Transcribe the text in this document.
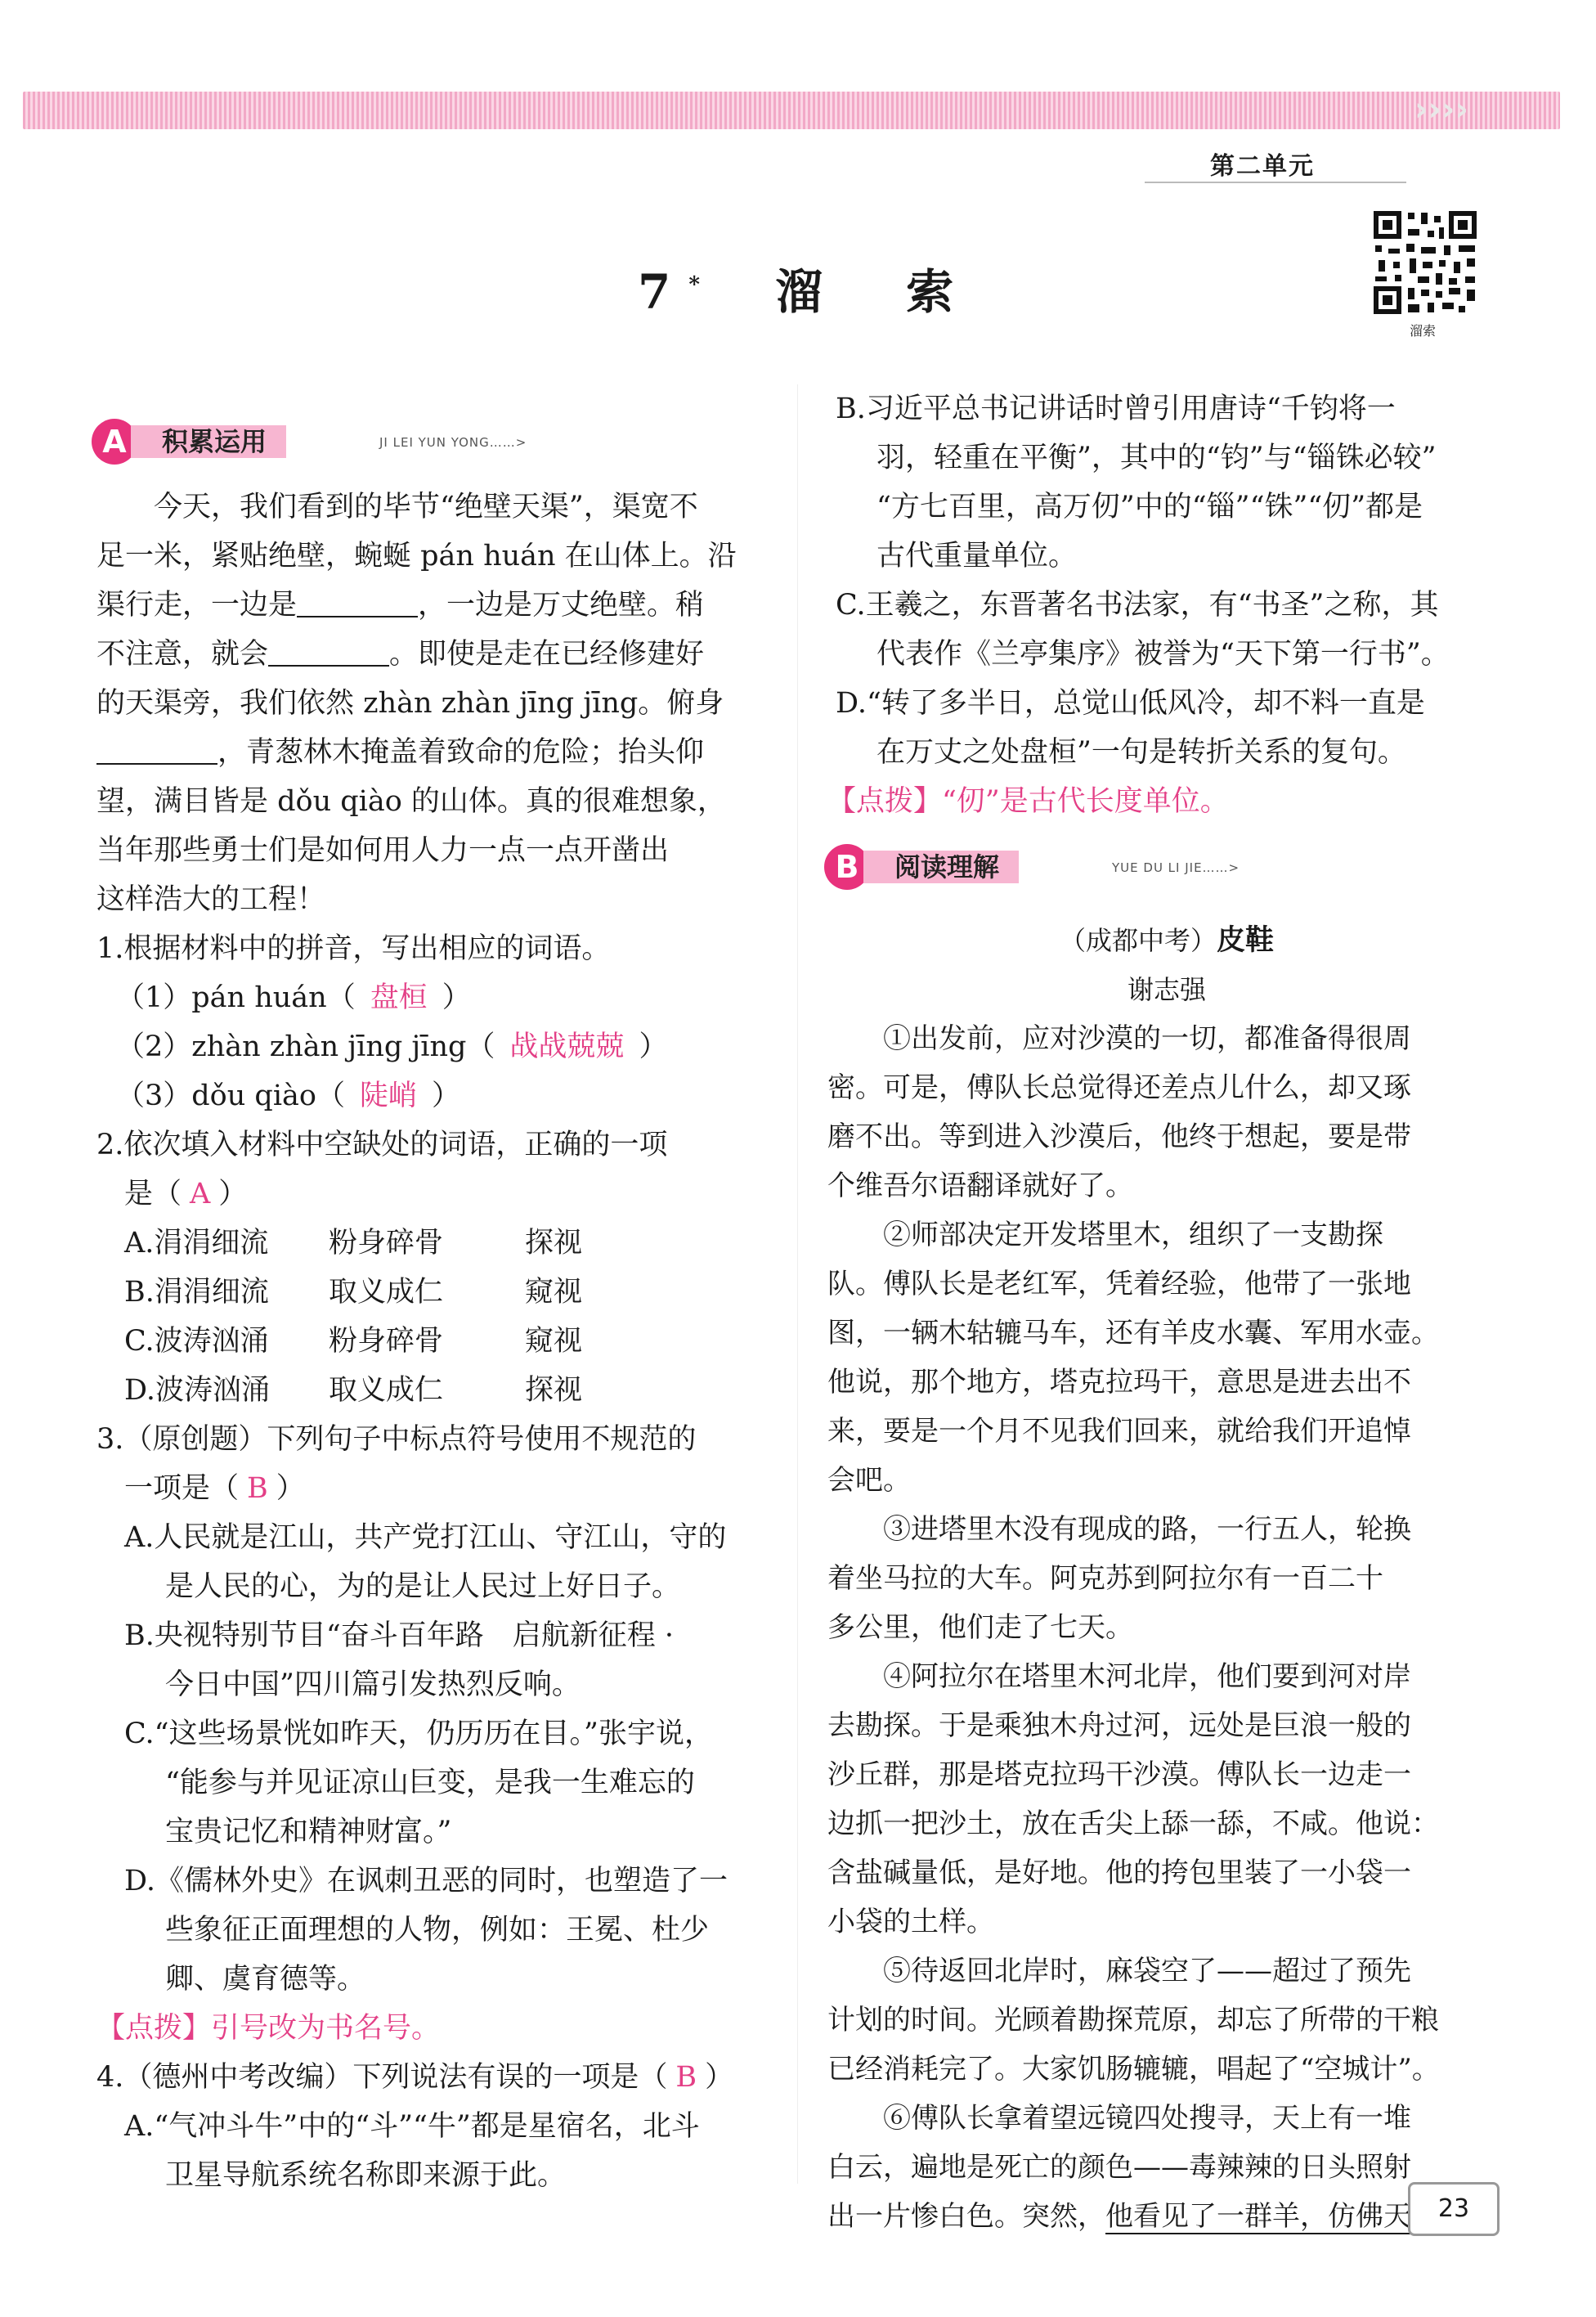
››››
第二单元
7* 溜　索
溜索
A	积累运用	JI LEI YUN YONG……>
今天，我们看到的毕节“绝壁天渠”，渠宽不
足一米，紧贴绝壁，蜿蜒 pán huán 在山体上。沿
渠行走，一边是	，一边是万丈绝壁。稍
不注意，就会	。即使是走在已经修建好
的天渠旁，我们依然 zhàn zhàn jīng jīng。俯身
，青葱林木掩盖着致命的危险；抬头仰
望，满目皆是 dǒu qiào 的山体。真的很难想象，
当年那些勇士们是如何用人力一点一点开凿出
这样浩大的工程！
1.根据材料中的拼音，写出相应的词语。
（1）pán huán（ 盘桓 ）
（2）zhàn zhàn jīng jīng（ 战战兢兢 ）
（3）dǒu qiào（ 陡峭 ）
2.依次填入材料中空缺处的词语，正确的一项
是（ A ）
A.涓涓细流 粉身碎骨	探视
B.涓涓细流 取义成仁	窥视
C.波涛汹涌 粉身碎骨	窥视
D.波涛汹涌 取义成仁	探视
3.（原创题）下列句子中标点符号使用不规范的
一项是（ B ）
A.人民就是江山，共产党打江山、守江山，守的
是人民的心，为的是让人民过上好日子。
B.央视特别节目“奋斗百年路　启航新征程 ·
今日中国”四川篇引发热烈反响。
C.“这些场景恍如昨天，仍历历在目。”张宇说，
“能参与并见证凉山巨变，是我一生难忘的
宝贵记忆和精神财富。”
D.《儒林外史》在讽刺丑恶的同时，也塑造了一
些象征正面理想的人物，例如：王冕、杜少
卿、虞育德等。
【点拨】引号改为书名号。
4.（德州中考改编）下列说法有误的一项是（ B ）
A.“气冲斗牛”中的“斗”“牛”都是星宿名，北斗
卫星导航系统名称即来源于此。
B.习近平总书记讲话时曾引用唐诗“千钧将一
羽，轻重在平衡”，其中的“钧”与“锱铢必较”
“方七百里，高万仞”中的“锱”“铢”“仞”都是
古代重量单位。
C.王羲之，东晋著名书法家，有“书圣”之称，其
代表作《兰亭集序》被誉为“天下第一行书”。
D.“转了多半日，总觉山低风冷，却不料一直是
在万丈之处盘桓”一句是转折关系的复句。
【点拨】“仞”是古代长度单位。
B	阅读理解	YUE DU LI JIE……>
（成都中考）皮鞋
谢志强
①出发前，应对沙漠的一切，都准备得很周
密。可是，傅队长总觉得还差点儿什么，却又琢
磨不出。等到进入沙漠后，他终于想起，要是带
个维吾尔语翻译就好了。
②师部决定开发塔里木，组织了一支勘探
队。傅队长是老红军，凭着经验，他带了一张地
图，一辆木轱辘马车，还有羊皮水囊、军用水壶。
他说，那个地方，塔克拉玛干，意思是进去出不
来，要是一个月不见我们回来，就给我们开追悼
会吧。
③进塔里木没有现成的路，一行五人，轮换
着坐马拉的大车。阿克苏到阿拉尔有一百二十
多公里，他们走了七天。
④阿拉尔在塔里木河北岸，他们要到河对岸
去勘探。于是乘独木舟过河，远处是巨浪一般的
沙丘群，那是塔克拉玛干沙漠。傅队长一边走一
边抓一把沙土，放在舌尖上舔一舔，不咸。他说：
含盐碱量低，是好地。他的挎包里装了一小袋一
小袋的土样。
⑤待返回北岸时，麻袋空了——超过了预先
计划的时间。光顾着勘探荒原，却忘了所带的干粮
已经消耗完了。大家饥肠辘辘，唱起了“空城计”。
⑥傅队长拿着望远镜四处搜寻，天上有一堆
白云，遍地是死亡的颜色——毒辣辣的日头照射
出一片惨白色。突然，他看见了一群羊，仿佛天	23
